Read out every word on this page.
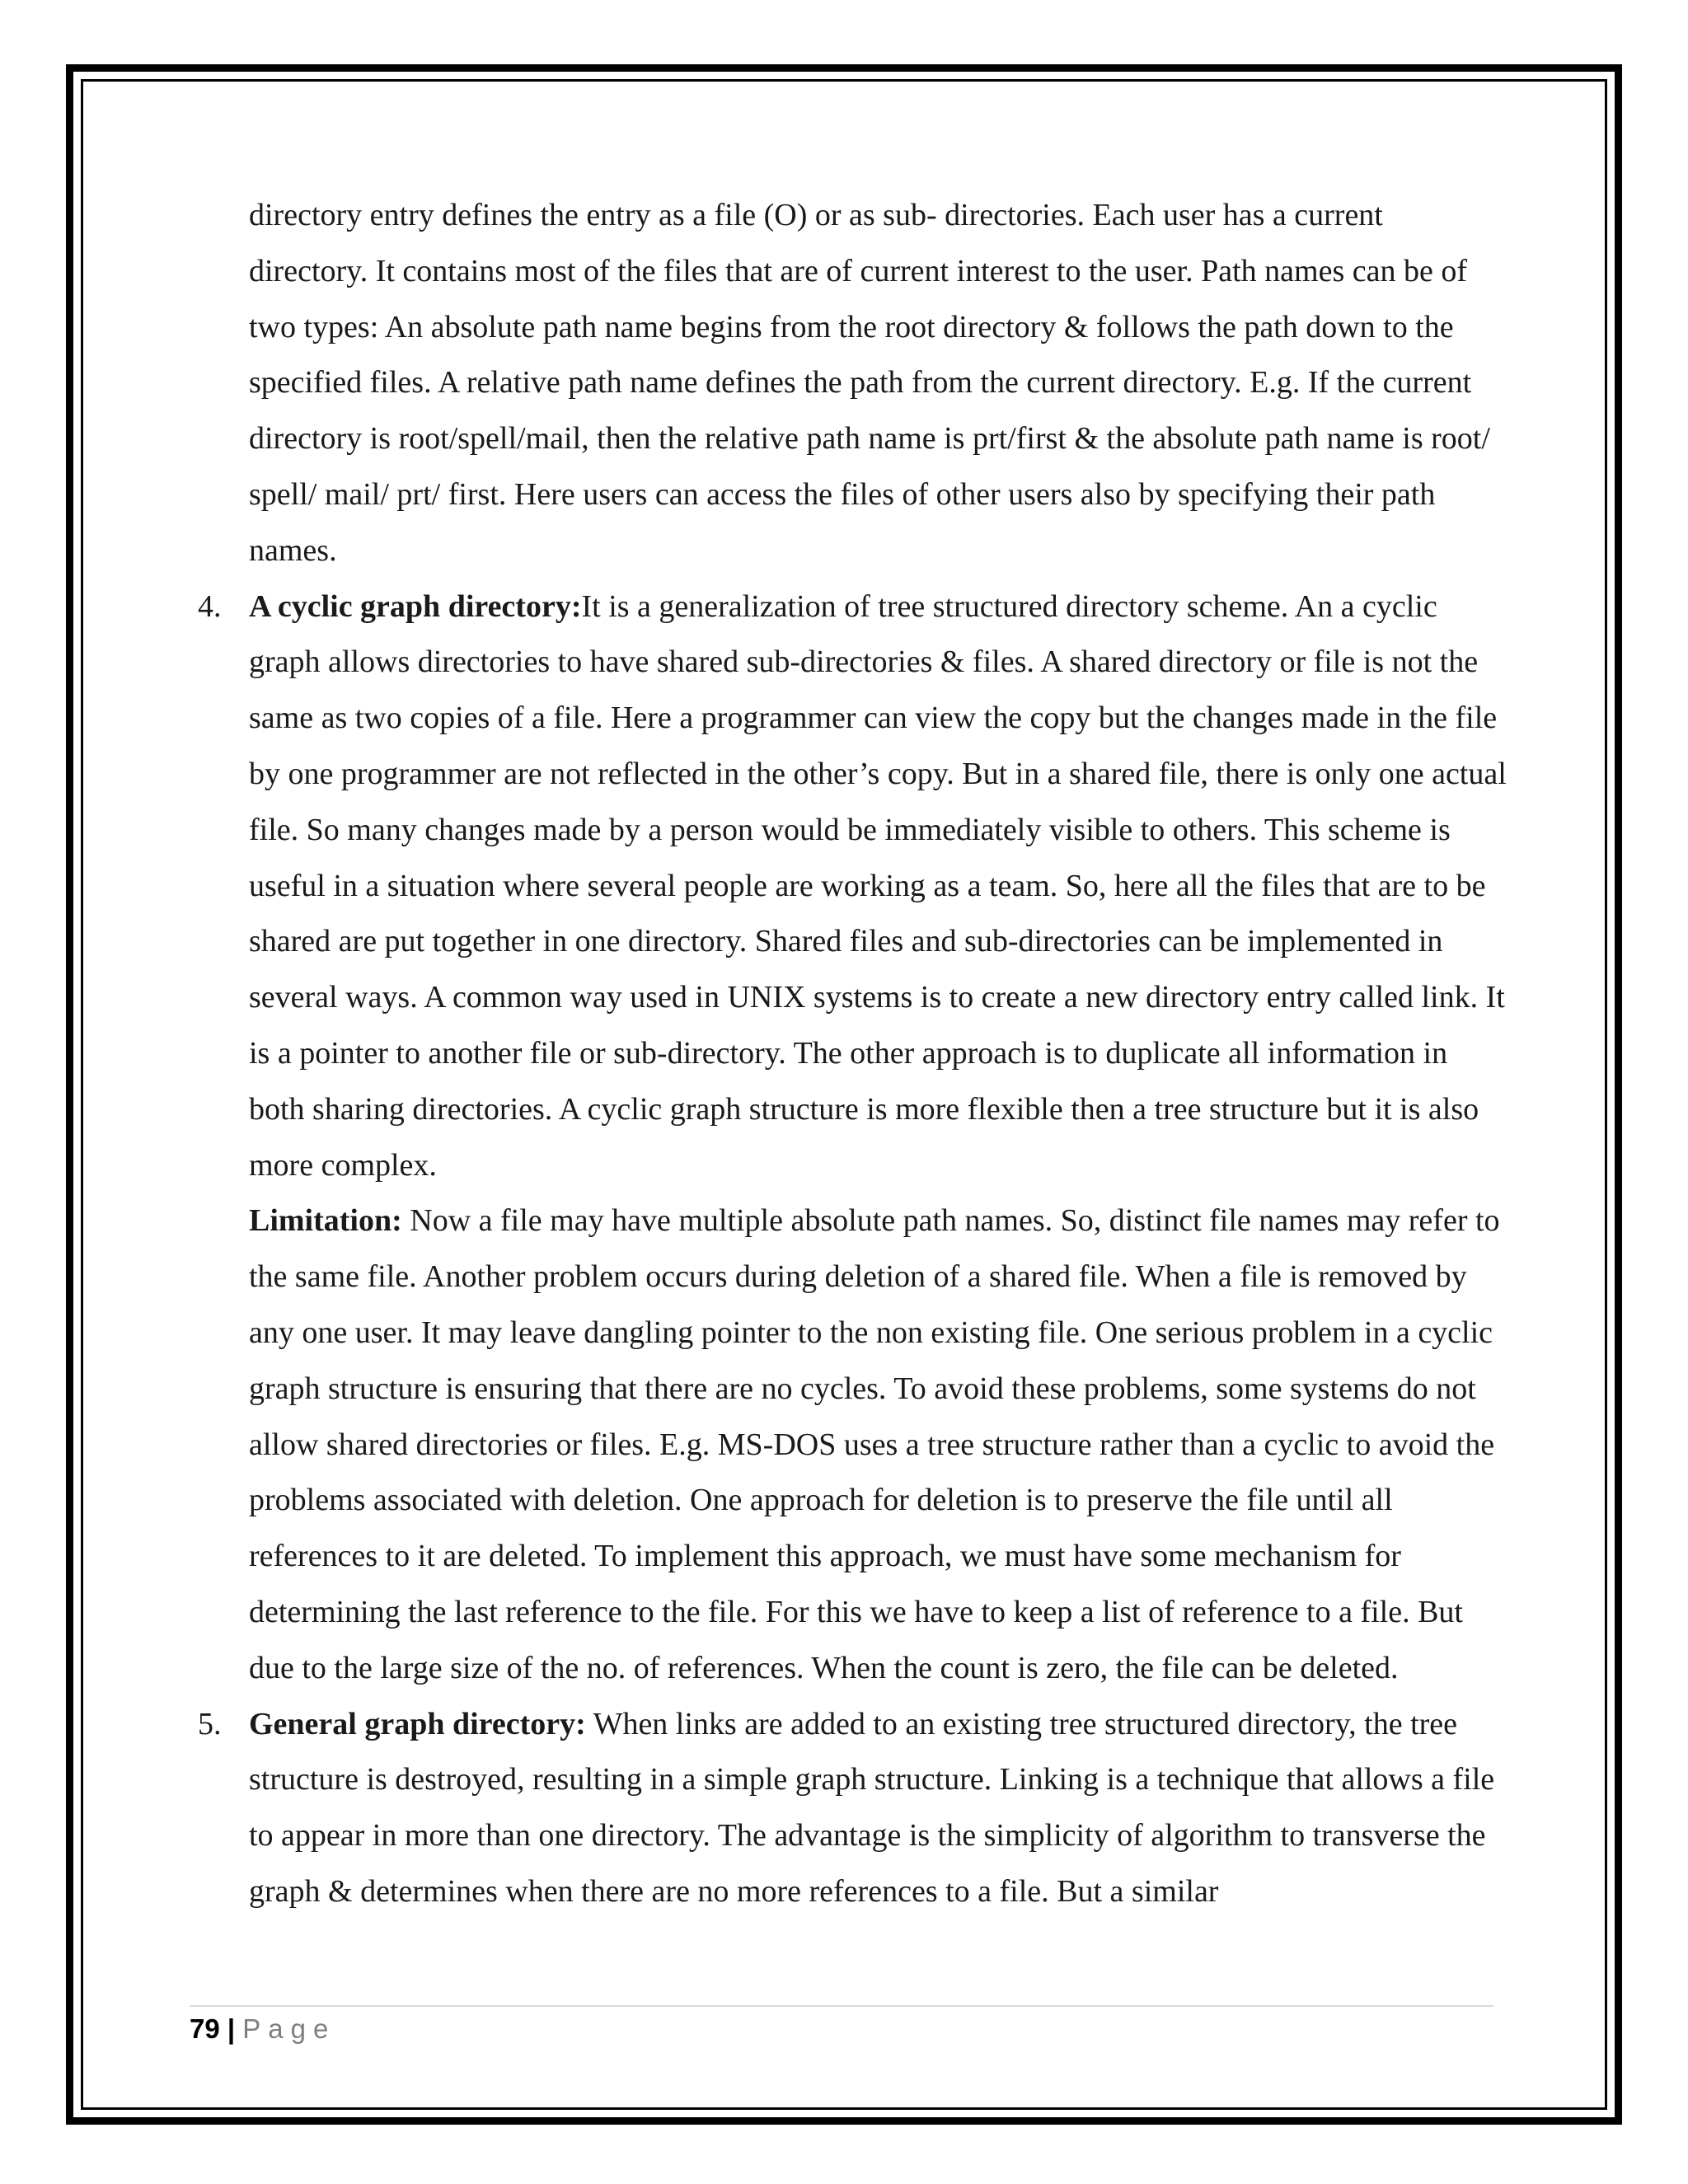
directory entry defines the entry as a file (O) or as sub- directories. Each user has a current directory. It contains most of the files that are of current interest to the user. Path names can be of two types: An absolute path name begins from the root directory & follows the path down to the specified files. A relative path name defines the path from the current directory. E.g. If the current directory is root/spell/mail, then the relative path name is prt/first & the absolute path name is root/ spell/ mail/ prt/ first. Here users can access the files of other users also by specifying their path names.

4. A cyclic graph directory:It is a generalization of tree structured directory scheme. An a cyclic graph allows directories to have shared sub-directories & files. A shared directory or file is not the same as two copies of a file. Here a programmer can view the copy but the changes made in the file by one programmer are not reflected in the other’s copy. But in a shared file, there is only one actual file. So many changes made by a person would be immediately visible to others. This scheme is useful in a situation where several people are working as a team. So, here all the files that are to be shared are put together in one directory. Shared files and sub-directories can be implemented in several ways. A common way used in UNIX systems is to create a new directory entry called link. It is a pointer to another file or sub-directory. The other approach is to duplicate all information in both sharing directories. A cyclic graph structure is more flexible then a tree structure but it is also more complex.

Limitation: Now a file may have multiple absolute path names. So, distinct file names may refer to the same file. Another problem occurs during deletion of a shared file. When a file is removed by any one user. It may leave dangling pointer to the non existing file. One serious problem in a cyclic graph structure is ensuring that there are no cycles. To avoid these problems, some systems do not allow shared directories or files. E.g. MS-DOS uses a tree structure rather than a cyclic to avoid the problems associated with deletion. One approach for deletion is to preserve the file until all references to it are deleted. To implement this approach, we must have some mechanism for determining the last reference to the file. For this we have to keep a list of reference to a file. But due to the large size of the no. of references. When the count is zero, the file can be deleted.

5. General graph directory: When links are added to an existing tree structured directory, the tree structure is destroyed, resulting in a simple graph structure. Linking is a technique that allows a file to appear in more than one directory. The advantage is the simplicity of algorithm to transverse the graph & determines when there are no more references to a file. But a similar

79 | Page
